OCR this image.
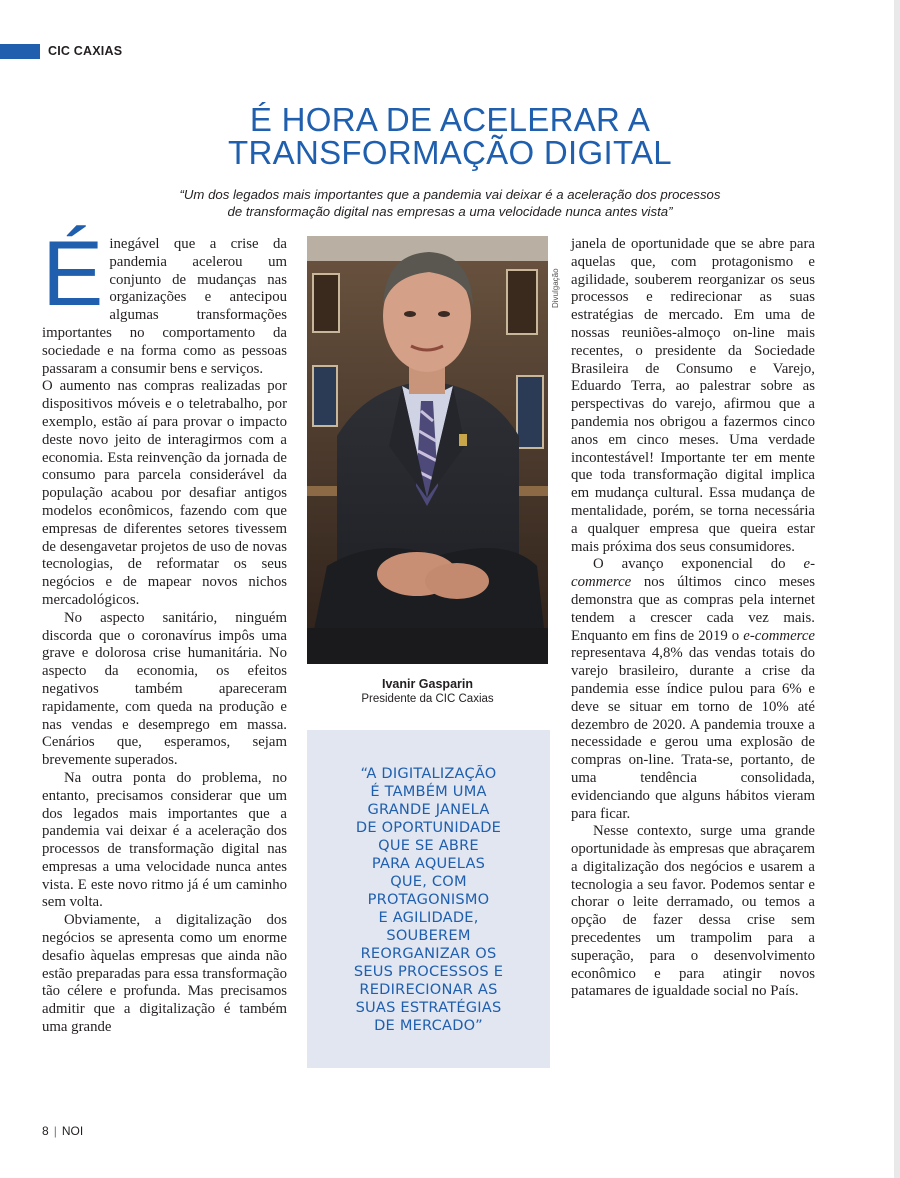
CIC CAXIAS
É HORA DE ACELERAR A
TRANSFORMAÇÃO DIGITAL

“Um dos legados mais importantes que a pandemia vai deixar é a aceleração dos processos
de transformação digital nas empresas a uma velocidade nunca antes vista”

É inegável que a crise da pandemia acelerou um conjunto de mudanças nas organizações e antecipou algumas transformações importantes no comportamento da sociedade e na forma como as pessoas passaram a consumir bens e serviços.

O aumento nas compras realizadas por dispositivos móveis e o teletrabalho, por exemplo, estão aí para provar o impacto deste novo jeito de interagirmos com a economia. Esta reinvenção da jornada de consumo para parcela considerável da população acabou por desafiar antigos modelos econômicos, fazendo com que empresas de diferentes setores tivessem de desengavetar projetos de uso de novas tecnologias, de reformatar os seus negócios e de mapear novos nichos mercadológicos.

No aspecto sanitário, ninguém discorda que o coronavírus impôs uma grave e dolorosa crise humanitária. No aspecto da economia, os efeitos negativos também apareceram rapidamente, com queda na produção e nas vendas e desemprego em massa. Cenários que, esperamos, sejam brevemente superados.

Na outra ponta do problema, no entanto, precisamos considerar que um dos legados mais importantes que a pandemia vai deixar é a aceleração dos processos de transformação digital nas empresas a uma velocidade nunca antes vista. E este novo ritmo já é um caminho sem volta.

Obviamente, a digitalização dos negócios se apresenta como um enorme desafio àquelas empresas que ainda não estão preparadas para essa transformação tão célere e profunda. Mas precisamos admitir que a digitalização é também uma grande

Divulgação
Ivanir Gasparin
Presidente da CIC Caxias

“A DIGITALIZAÇÃO
É TAMBÉM UMA
GRANDE JANELA
DE OPORTUNIDADE
QUE SE ABRE
PARA AQUELAS
QUE, COM
PROTAGONISMO
E AGILIDADE,
SOUBEREM
REORGANIZAR OS
SEUS PROCESSOS E
REDIRECIONAR AS
SUAS ESTRATÉGIAS
DE MERCADO”

janela de oportunidade que se abre para aquelas que, com protagonismo e agilidade, souberem reorganizar os seus processos e redirecionar as suas estratégias de mercado. Em uma de nossas reuniões-almoço on-line mais recentes, o presidente da Sociedade Brasileira de Consumo e Varejo, Eduardo Terra, ao palestrar sobre as perspectivas do varejo, afirmou que a pandemia nos obrigou a fazermos cinco anos em cinco meses. Uma verdade incontestável! Importante ter em mente que toda transformação digital implica em mudança cultural. Essa mudança de mentalidade, porém, se torna necessária a qualquer empresa que queira estar mais próxima dos seus consumidores.

O avanço exponencial do e-commerce nos últimos cinco meses demonstra que as compras pela internet tendem a crescer cada vez mais. Enquanto em fins de 2019 o e-commerce representava 4,8% das vendas totais do varejo brasileiro, durante a crise da pandemia esse índice pulou para 6% e deve se situar em torno de 10% até dezembro de 2020. A pandemia trouxe a necessidade e gerou uma explosão de compras on-line. Trata-se, portanto, de uma tendência consolidada, evidenciando que alguns hábitos vieram para ficar.

Nesse contexto, surge uma grande oportunidade às empresas que abraçarem a digitalização dos negócios e usarem a tecnologia a seu favor. Podemos sentar e chorar o leite derramado, ou temos a opção de fazer dessa crise sem precedentes um trampolim para a superação, para o desenvolvimento econômico e para atingir novos patamares de igualdade social no País.

8 | NOI
